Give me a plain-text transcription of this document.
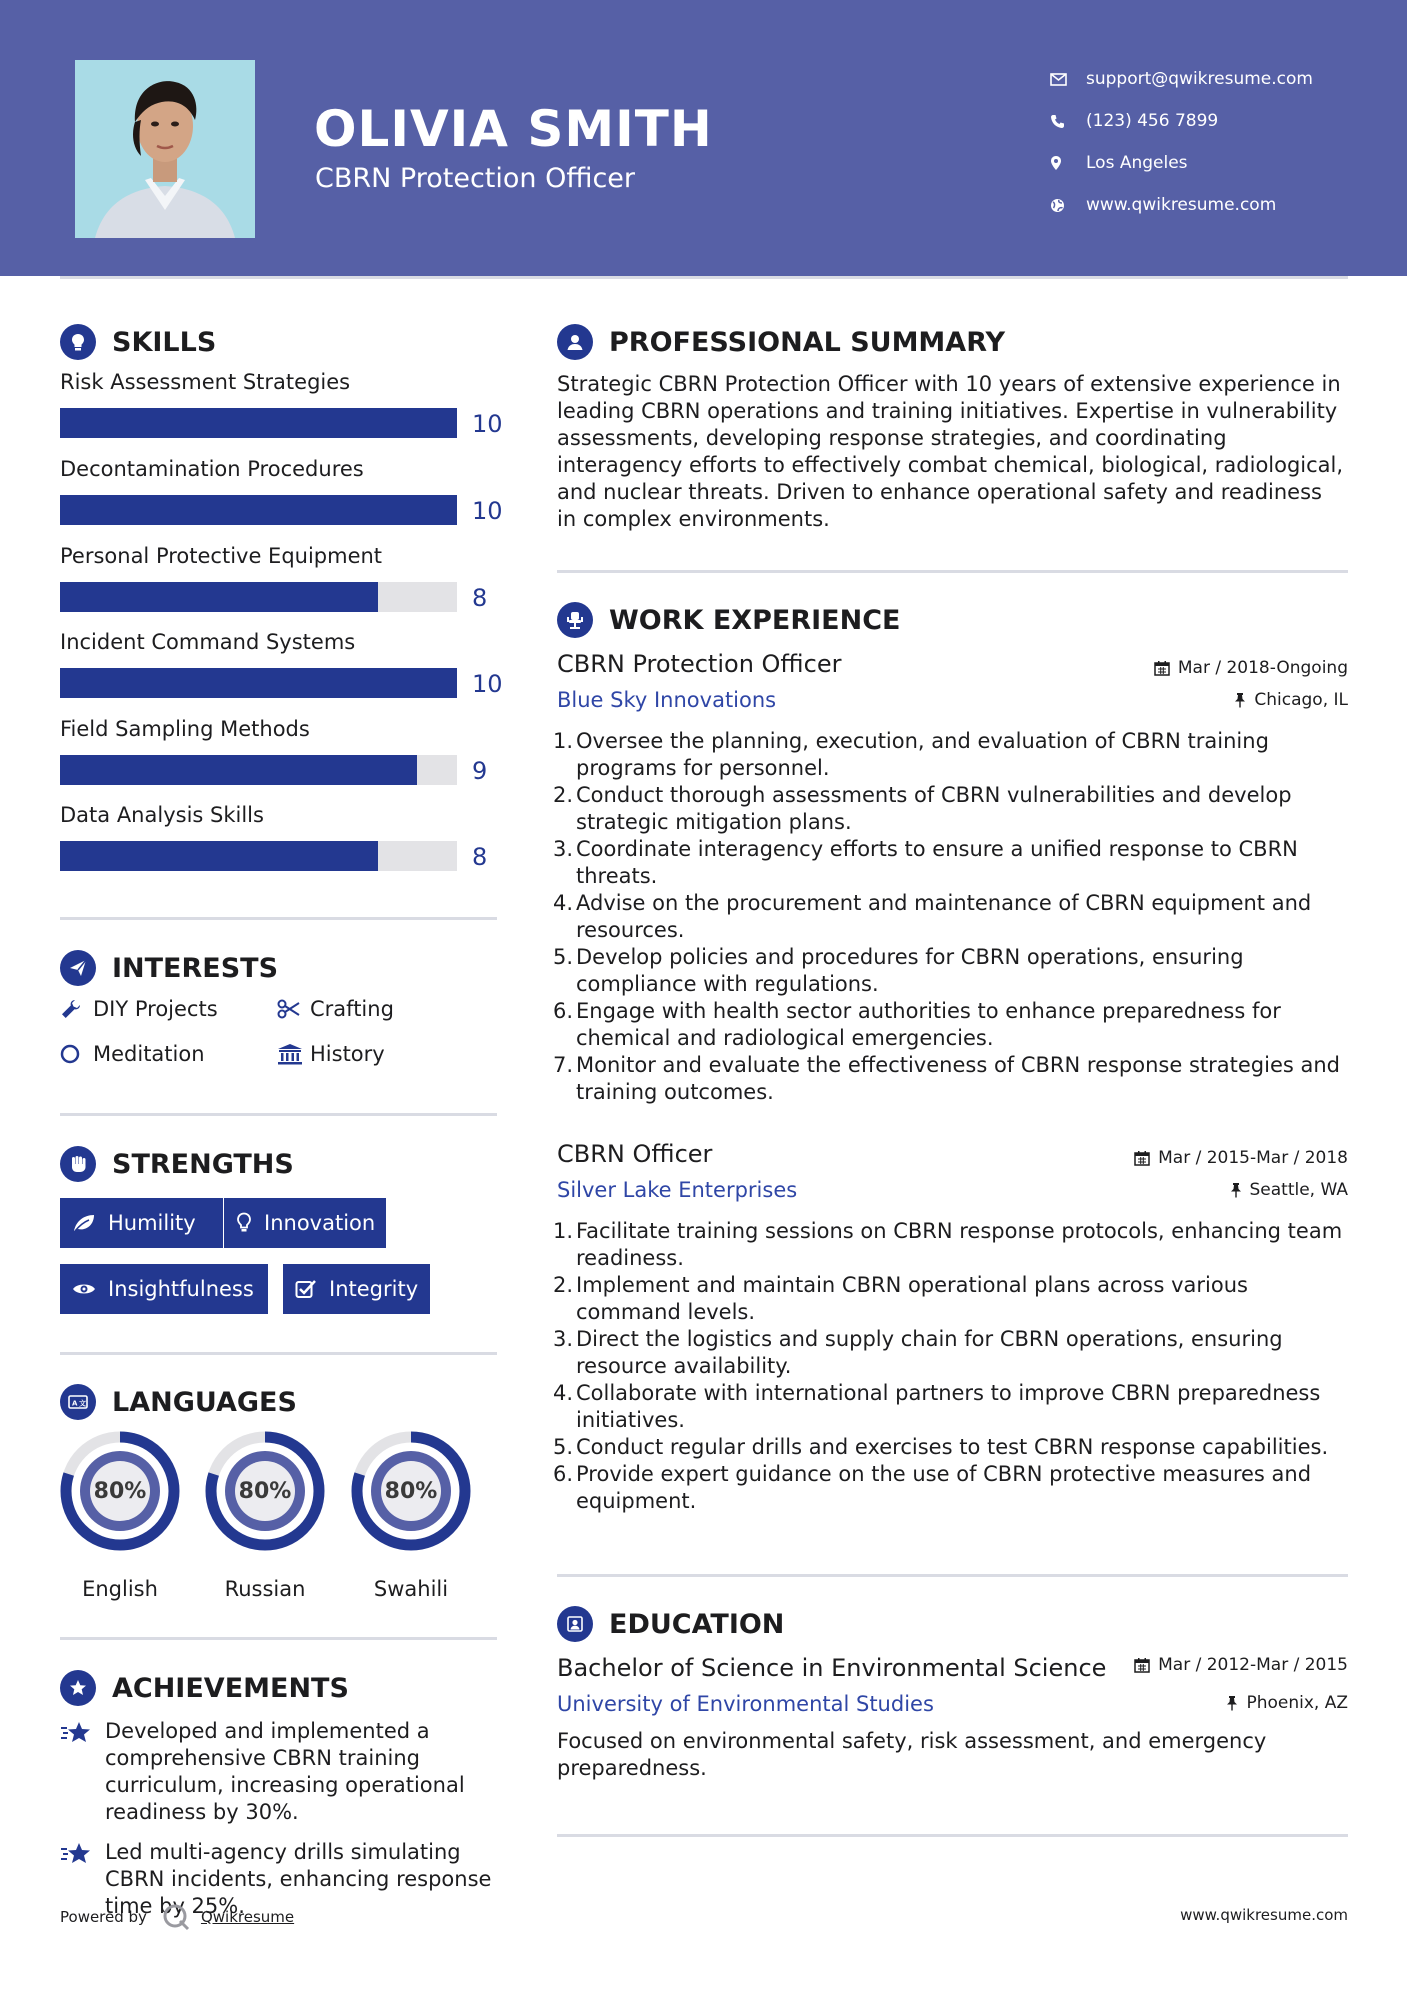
OLIVIA SMITH
CBRN Protection Officer
support@qwikresume.com
(123) 456 7899
Los Angeles
www.qwikresume.com
SKILLS
Risk Assessment Strategies
10
Decontamination Procedures
10
Personal Protective Equipment
8
Incident Command Systems
10
Field Sampling Methods
9
Data Analysis Skills
8
INTERESTS
DIY Projects	Crafting
Meditation	History
STRENGTHS
Humility	Innovation
Insightfulness	Integrity
A 文 LANGUAGES
80%
English
80%
Russian
80%
Swahili
ACHIEVEMENTS
Developed and implemented a comprehensive CBRN training curriculum, increasing operational readiness by 30%.
Led multi-agency drills simulating CBRN incidents, enhancing response time by 25%.
PROFESSIONAL SUMMARY
Strategic CBRN Protection Officer with 10 years of extensive experience in leading CBRN operations and training initiatives. Expertise in vulnerability assessments, developing response strategies, and coordinating interagency efforts to effectively combat chemical, biological, radiological, and nuclear threats. Driven to enhance operational safety and readiness in complex environments.
WORK EXPERIENCE
CBRN Protection Officer	Mar / 2018-Ongoing
Blue Sky Innovations	Chicago, IL
1. Oversee the planning, execution, and evaluation of CBRN training programs for personnel.
2. Conduct thorough assessments of CBRN vulnerabilities and develop strategic mitigation plans.
3. Coordinate interagency efforts to ensure a unified response to CBRN threats.
4. Advise on the procurement and maintenance of CBRN equipment and resources.
5. Develop policies and procedures for CBRN operations, ensuring compliance with regulations.
6. Engage with health sector authorities to enhance preparedness for chemical and radiological emergencies.
7. Monitor and evaluate the effectiveness of CBRN response strategies and training outcomes.
CBRN Officer	Mar / 2015-Mar / 2018
Silver Lake Enterprises	Seattle, WA
1. Facilitate training sessions on CBRN response protocols, enhancing team readiness.
2. Implement and maintain CBRN operational plans across various command levels.
3. Direct the logistics and supply chain for CBRN operations, ensuring resource availability.
4. Collaborate with international partners to improve CBRN preparedness initiatives.
5. Conduct regular drills and exercises to test CBRN response capabilities.
6. Provide expert guidance on the use of CBRN protective measures and equipment.
EDUCATION
Bachelor of Science in Environmental Science	Mar / 2012-Mar / 2015
University of Environmental Studies	Phoenix, AZ
Focused on environmental safety, risk assessment, and emergency preparedness.
Powered by	Qwikresume	www.qwikresume.com
